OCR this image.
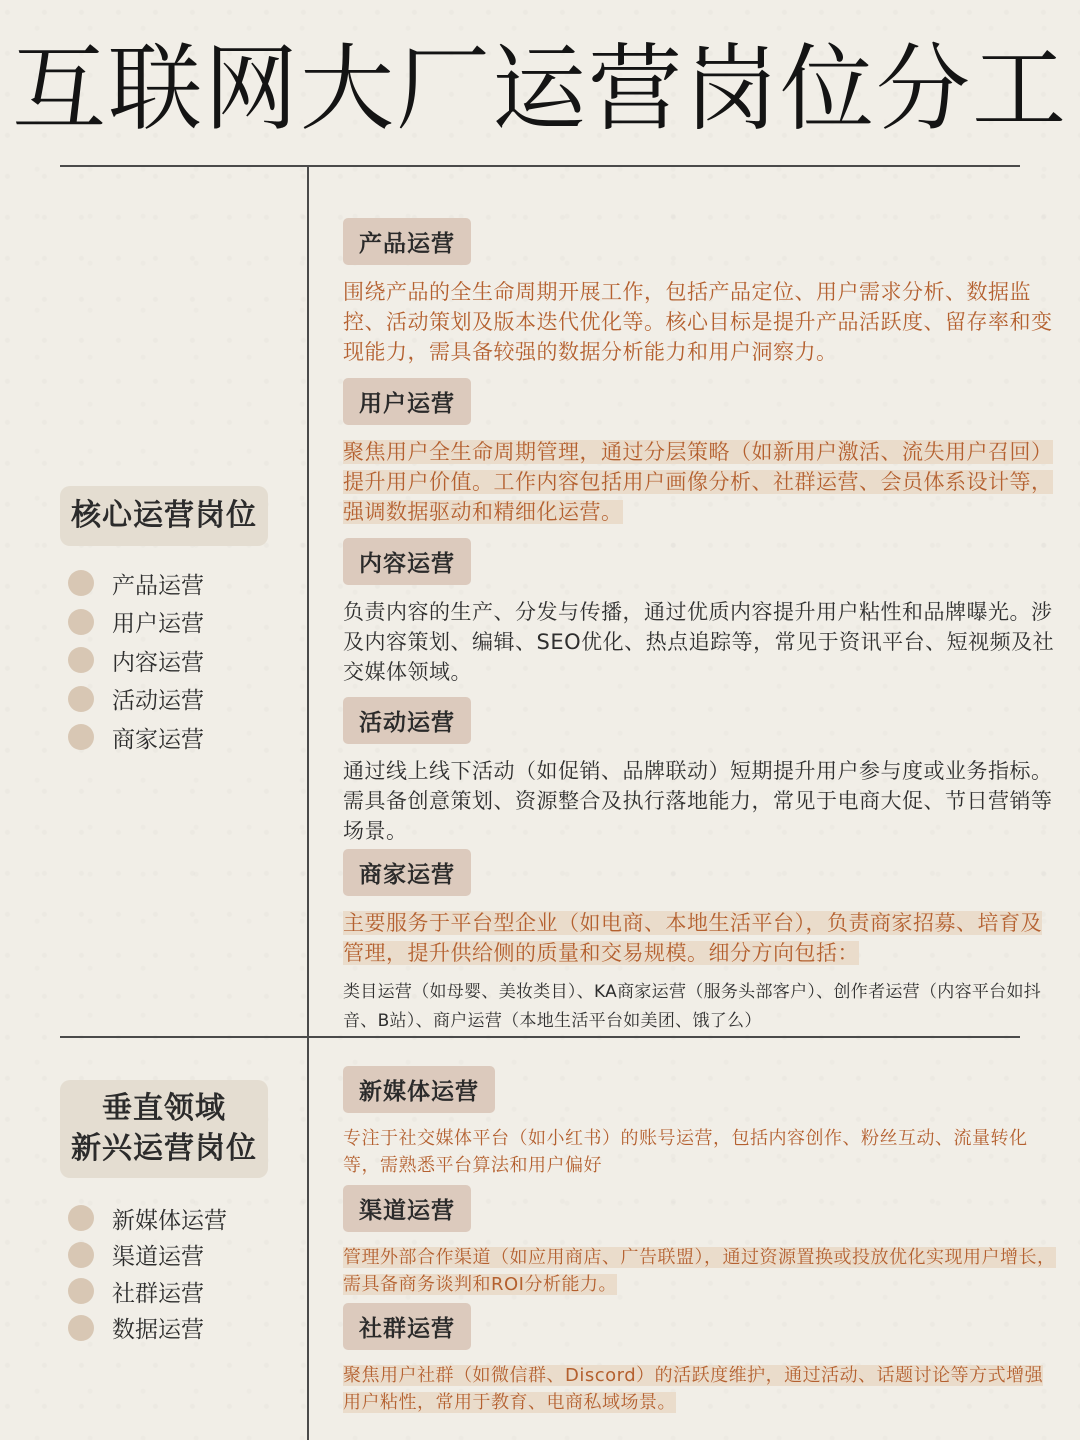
互联网大厂运营岗位分工
核心运营岗位
产品运营
用户运营
内容运营
活动运营
商家运营
垂直领域
新兴运营岗位
新媒体运营
渠道运营
社群运营
数据运营
产品运营

围绕产品的全生命周期开展工作，包括产品定位、用户需求分析、数据监控、活动策划及版本迭代优化等。核心目标是提升产品活跃度、留存率和变现能力，需具备较强的数据分析能力和用户洞察力。

用户运营

聚焦用户全生命周期管理，通过分层策略（如新用户激活、流失用户召回）提升用户价值。工作内容包括用户画像分析、社群运营、会员体系设计等，强调数据驱动和精细化运营。

内容运营

负责内容的生产、分发与传播，通过优质内容提升用户粘性和品牌曝光。涉及内容策划、编辑、SEO优化、热点追踪等，常见于资讯平台、短视频及社交媒体领域。

活动运营

通过线上线下活动（如促销、品牌联动）短期提升用户参与度或业务指标。需具备创意策划、资源整合及执行落地能力，常见于电商大促、节日营销等场景。

商家运营

主要服务于平台型企业（如电商、本地生活平台），负责商家招募、培育及管理，提升供给侧的质量和交易规模。细分方向包括：

类目运营（如母婴、美妆类目）、KA商家运营（服务头部客户）、创作者运营（内容平台如抖音、B站）、商户运营（本地生活平台如美团、饿了么）

新媒体运营

专注于社交媒体平台（如小红书）的账号运营，包括内容创作、粉丝互动、流量转化等，需熟悉平台算法和用户偏好

渠道运营

管理外部合作渠道（如应用商店、广告联盟），通过资源置换或投放优化实现用户增长，需具备商务谈判和ROI分析能力。

社群运营

聚焦用户社群（如微信群、Discord）的活跃度维护，通过活动、话题讨论等方式增强用户粘性，常用于教育、电商私域场景。
